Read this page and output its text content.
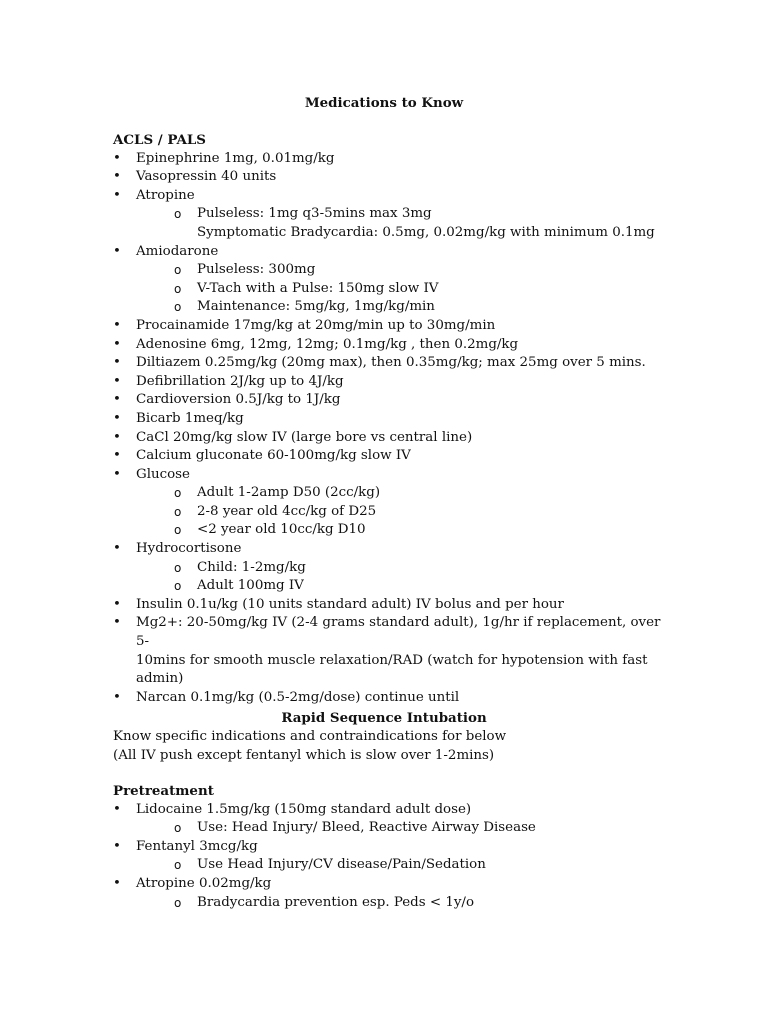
Medications to Know
ACLS / PALS
• Epinephrine 1mg, 0.01mg/kg
• Vasopressin 40 units
• Atropine
o Pulseless: 1mg q3-5mins max 3mg
Symptomatic Bradycardia: 0.5mg, 0.02mg/kg with minimum 0.1mg
• Amiodarone
o Pulseless: 300mg
o V-Tach with a Pulse: 150mg slow IV
o Maintenance: 5mg/kg, 1mg/kg/min
• Procainamide 17mg/kg at 20mg/min up to 30mg/min
• Adenosine 6mg, 12mg, 12mg; 0.1mg/kg , then 0.2mg/kg
• Diltiazem 0.25mg/kg (20mg max), then 0.35mg/kg; max 25mg over 5 mins.
• Defibrillation 2J/kg up to 4J/kg
• Cardioversion 0.5J/kg to 1J/kg
• Bicarb 1meq/kg
• CaCl 20mg/kg slow IV (large bore vs central line)
• Calcium gluconate 60-100mg/kg slow IV
• Glucose
o Adult 1-2amp D50 (2cc/kg)
o 2-8 year old 4cc/kg of D25
o <2 year old 10cc/kg D10
• Hydrocortisone
o Child: 1-2mg/kg
o Adult 100mg IV
• Insulin 0.1u/kg (10 units standard adult) IV bolus and per hour
• Mg2+: 20-50mg/kg IV (2-4 grams standard adult), 1g/hr if replacement, over 5-
10mins for smooth muscle relaxation/RAD (watch for hypotension with fast
admin)
• Narcan 0.1mg/kg (0.5-2mg/dose) continue until
Rapid Sequence Intubation
Know specific indications and contraindications for below
(All IV push except fentanyl which is slow over 1-2mins)
Pretreatment
• Lidocaine 1.5mg/kg (150mg standard adult dose)
o Use: Head Injury/ Bleed, Reactive Airway Disease
• Fentanyl 3mcg/kg
o Use Head Injury/CV disease/Pain/Sedation
• Atropine 0.02mg/kg
o Bradycardia prevention esp. Peds < 1y/o
